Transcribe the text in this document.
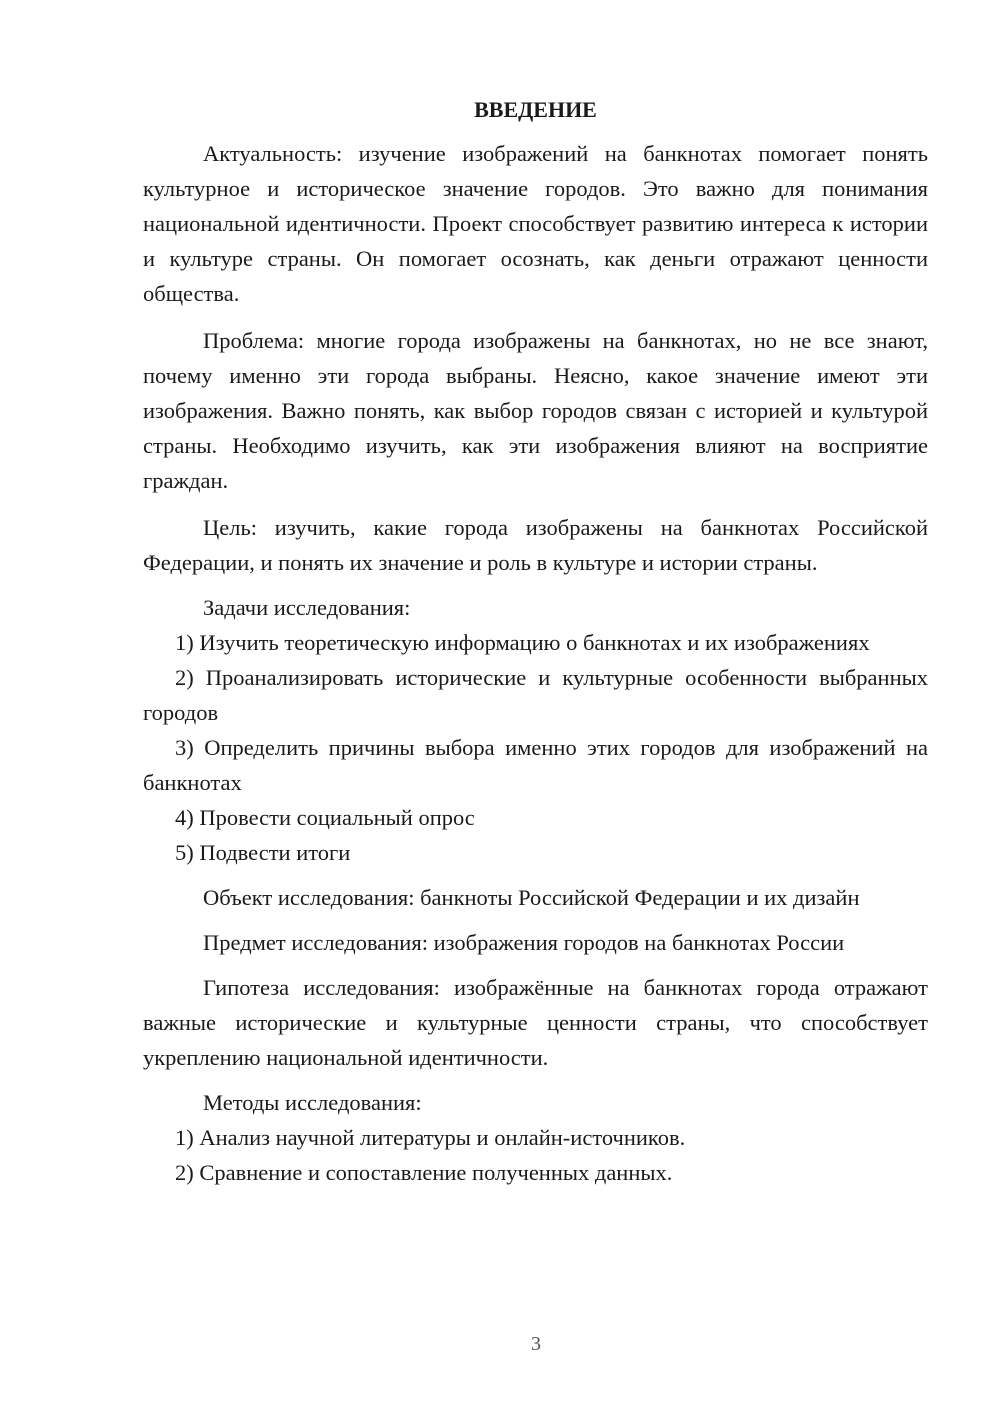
ВВЕДЕНИЕ

Актуальность: изучение изображений на банкнотах помогает понять культурное и историческое значение городов. Это важно для понимания национальной идентичности. Проект способствует развитию интереса к истории и культуре страны. Он помогает осознать, как деньги отражают ценности общества.

Проблема: многие города изображены на банкнотах, но не все знают, почему именно эти города выбраны. Неясно, какое значение имеют эти изображения. Важно понять, как выбор городов связан с историей и культурой страны. Необходимо изучить, как эти изображения влияют на восприятие граждан.

Цель: изучить, какие города изображены на банкнотах Российской Федерации, и понять их значение и роль в культуре и истории страны.

Задачи исследования:

1) Изучить теоретическую информацию о банкнотах и их изображениях

2) Проанализировать исторические и культурные особенности выбранных городов

3) Определить причины выбора именно этих городов для изображений на банкнотах

4) Провести социальный опрос

5) Подвести итоги

Объект исследования: банкноты Российской Федерации и их дизайн

Предмет исследования: изображения городов на банкнотах России

Гипотеза исследования: изображённые на банкнотах города отражают важные исторические и культурные ценности страны, что способствует укреплению национальной идентичности.

Методы исследования:

1) Анализ научной литературы и онлайн-источников.

2) Сравнение и сопоставление полученных данных.

3
